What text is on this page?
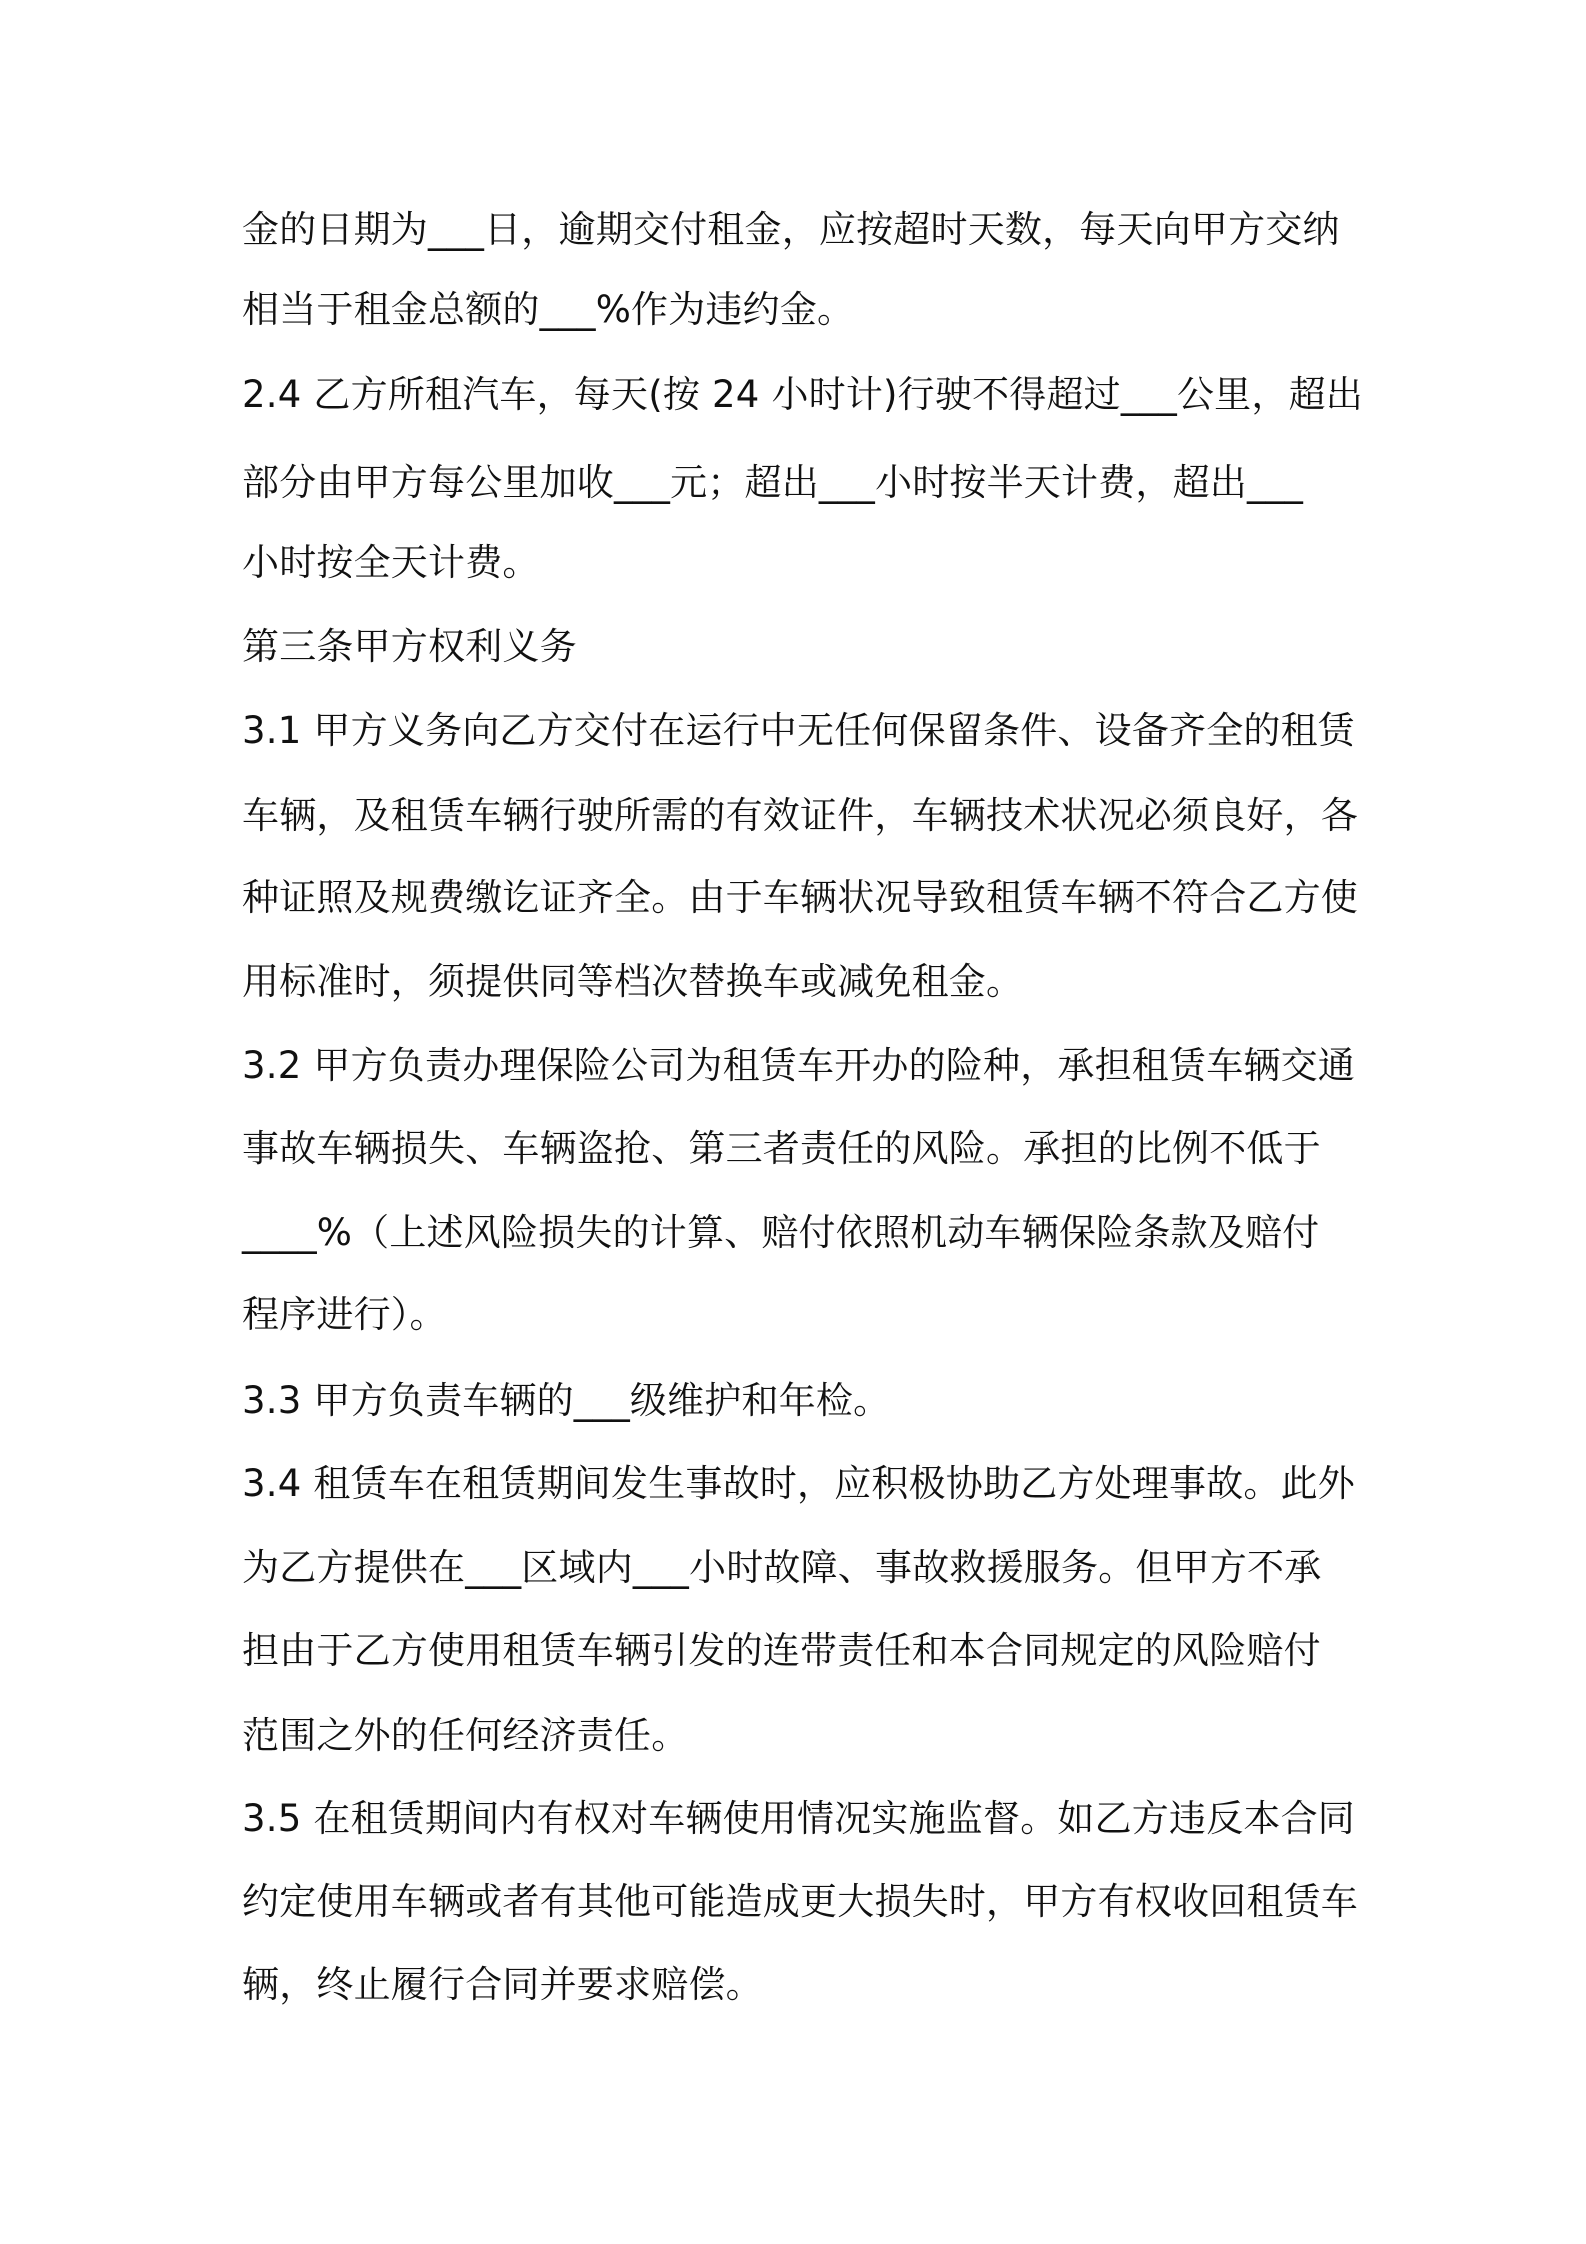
金的日期为___日，逾期交付租金，应按超时天数，每天向甲方交纳
相当于租金总额的___%作为违约金。
2.4 乙方所租汽车，每天(按 24 小时计)行驶不得超过___公里，超出
部分由甲方每公里加收___元；超出___小时按半天计费，超出___
小时按全天计费。
第三条甲方权利义务
3.1 甲方义务向乙方交付在运行中无任何保留条件、设备齐全的租赁
车辆，及租赁车辆行驶所需的有效证件，车辆技术状况必须良好，各
种证照及规费缴讫证齐全。由于车辆状况导致租赁车辆不符合乙方使
用标准时，须提供同等档次替换车或减免租金。
3.2 甲方负责办理保险公司为租赁车开办的险种，承担租赁车辆交通
事故车辆损失、车辆盗抢、第三者责任的风险。承担的比例不低于
____%（上述风险损失的计算、赔付依照机动车辆保险条款及赔付
程序进行）。
3.3 甲方负责车辆的___级维护和年检。
3.4 租赁车在租赁期间发生事故时，应积极协助乙方处理事故。此外
为乙方提供在___区域内___小时故障、事故救援服务。但甲方不承
担由于乙方使用租赁车辆引发的连带责任和本合同规定的风险赔付
范围之外的任何经济责任。
3.5 在租赁期间内有权对车辆使用情况实施监督。如乙方违反本合同
约定使用车辆或者有其他可能造成更大损失时，甲方有权收回租赁车
辆，终止履行合同并要求赔偿。
